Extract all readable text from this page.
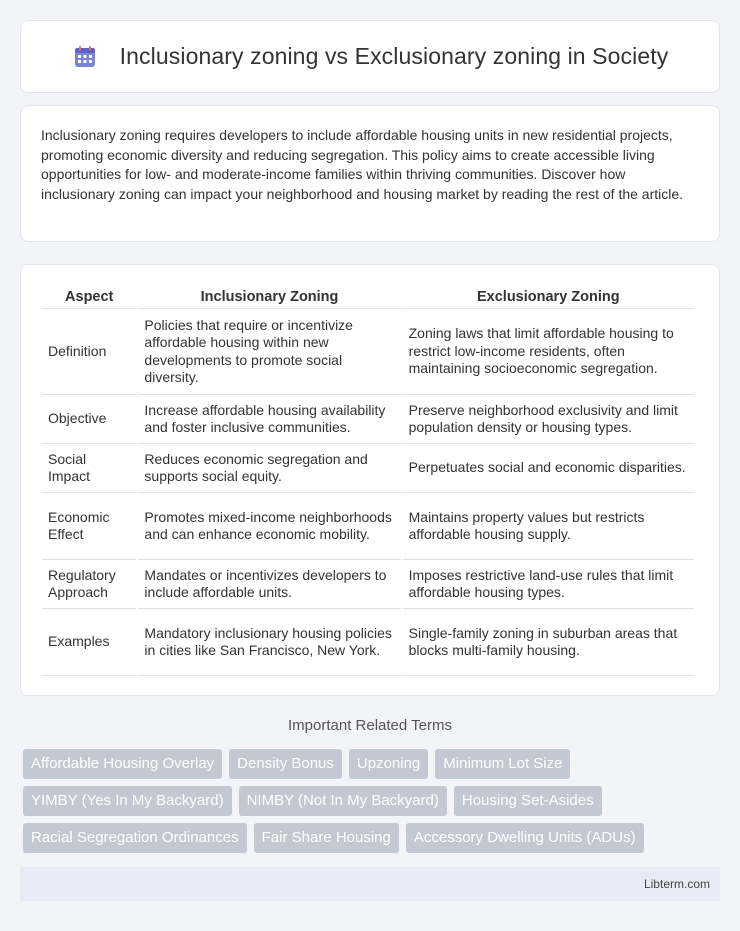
Inclusionary zoning vs Exclusionary zoning in Society

Inclusionary zoning requires developers to include affordable housing units in new residential projects, promoting economic diversity and reducing segregation. This policy aims to create accessible living opportunities for low- and moderate-income families within thriving communities. Discover how inclusionary zoning can impact your neighborhood and housing market by reading the rest of the article.

Aspect	Inclusionary Zoning	Exclusionary Zoning
Definition	Policies that require or incentivize affordable housing within new developments to promote social diversity.	Zoning laws that limit affordable housing to restrict low-income residents, often maintaining socioeconomic segregation.
Objective	Increase affordable housing availability and foster inclusive communities.	Preserve neighborhood exclusivity and limit population density or housing types.
Social Impact	Reduces economic segregation and supports social equity.	Perpetuates social and economic disparities.
Economic Effect	Promotes mixed-income neighborhoods and can enhance economic mobility.	Maintains property values but restricts affordable housing supply.
Regulatory Approach	Mandates or incentivizes developers to include affordable units.	Imposes restrictive land-use rules that limit affordable housing types.
Examples	Mandatory inclusionary housing policies in cities like San Francisco, New York.	Single-family zoning in suburban areas that blocks multi-family housing.
Important Related Terms
Affordable Housing Overlay	Density Bonus	Upzoning	Minimum Lot Size
YIMBY (Yes In My Backyard)	NIMBY (Not In My Backyard)	Housing Set-Asides
Racial Segregation Ordinances	Fair Share Housing	Accessory Dwelling Units (ADUs)
Libterm.com
